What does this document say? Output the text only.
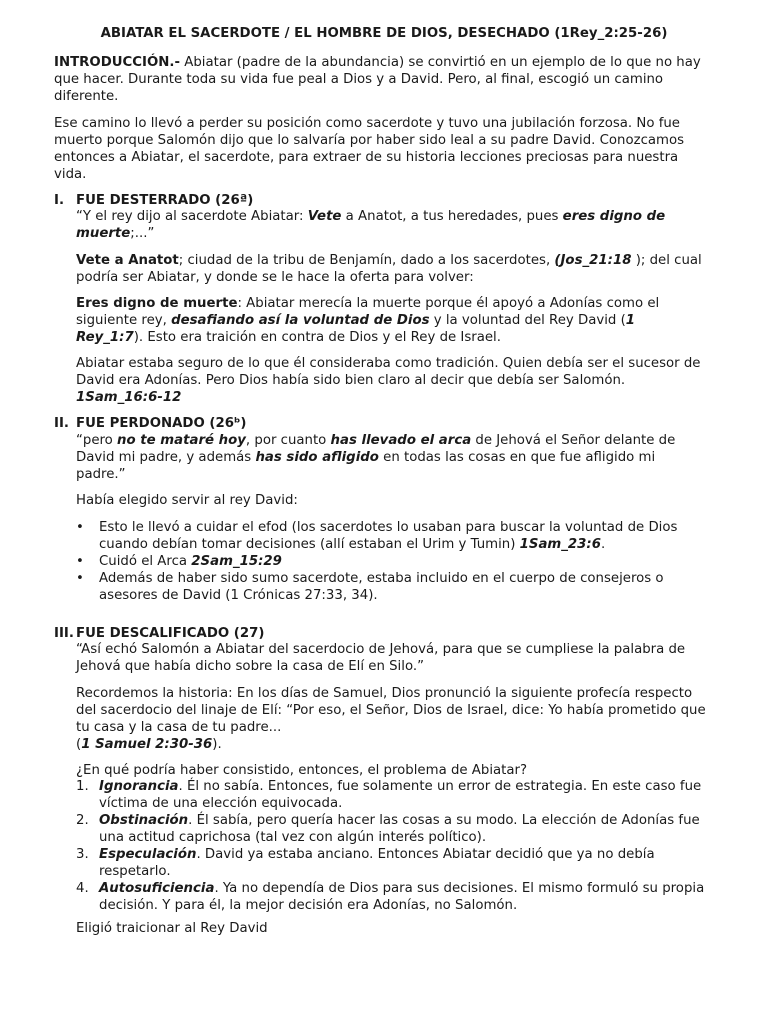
ABIATAR EL SACERDOTE / EL HOMBRE DE DIOS, DESECHADO (1Rey_2:25-26)

INTRODUCCIÓN.- Abiatar (padre de la abundancia) se convirtió en un ejemplo de lo que no hay que hacer. Durante toda su vida fue peal a Dios y a David. Pero, al final, escogió un camino diferente.

Ese camino lo llevó a perder su posición como sacerdote y tuvo una jubilación forzosa. No fue muerto porque Salomón dijo que lo salvaría por haber sido leal a su padre David. Conozcamos entonces a Abiatar, el sacerdote, para extraer de su historia lecciones preciosas para nuestra vida.

I. FUE DESTERRADO (26ª)

“Y el rey dijo al sacerdote Abiatar: Vete a Anatot, a tus heredades, pues eres digno de muerte;...”

Vete a Anatot; ciudad de la tribu de Benjamín, dado a los sacerdotes, (Jos_21:18 ); del cual podría ser Abiatar, y donde se le hace la oferta para volver:

Eres digno de muerte: Abiatar merecía la muerte porque él apoyó a Adonías como el siguiente rey, desafiando así la voluntad de Dios y la voluntad del Rey David (1 Rey_1:7). Esto era traición en contra de Dios y el Rey de Israel.

Abiatar estaba seguro de lo que él consideraba como tradición. Quien debía ser el sucesor de David era Adonías. Pero Dios había sido bien claro al decir que debía ser Salomón. 1Sam_16:6-12

II. FUE PERDONADO (26ᵇ)

“pero no te mataré hoy, por cuanto has llevado el arca de Jehová el Señor delante de David mi padre, y además has sido afligido en todas las cosas en que fue afligido mi padre.”

Había elegido servir al rey David:

• Esto le llevó a cuidar el efod (los sacerdotes lo usaban para buscar la voluntad de Dios cuando debían tomar decisiones (allí estaban el Urim y Tumin) 1Sam_23:6.
• Cuidó el Arca 2Sam_15:29
• Además de haber sido sumo sacerdote, estaba incluido en el cuerpo de consejeros o asesores de David (1 Crónicas 27:33, 34).
III. FUE DESCALIFICADO (27)

“Así echó Salomón a Abiatar del sacerdocio de Jehová, para que se cumpliese la palabra de Jehová que había dicho sobre la casa de Elí en Silo.”

Recordemos la historia: En los días de Samuel, Dios pronunció la siguiente profecía respecto del sacerdocio del linaje de Elí: “Por eso, el Señor, Dios de Israel, dice: Yo había prometido que tu casa y la casa de tu padre...
(1 Samuel 2:30-36).

¿En qué podría haber consistido, entonces, el problema de Abiatar?

Ignorancia. Él no sabía. Entonces, fue solamente un error de estrategia. En este caso fue víctima de una elección equivocada.
Obstinación. Él sabía, pero quería hacer las cosas a su modo. La elección de Adonías fue una actitud caprichosa (tal vez con algún interés político).
Especulación. David ya estaba anciano. Entonces Abiatar decidió que ya no debía respetarlo.
Autosuficiencia. Ya no dependía de Dios para sus decisiones. El mismo formuló su propia decisión. Y para él, la mejor decisión era Adonías, no Salomón.

Eligió traicionar al Rey David
